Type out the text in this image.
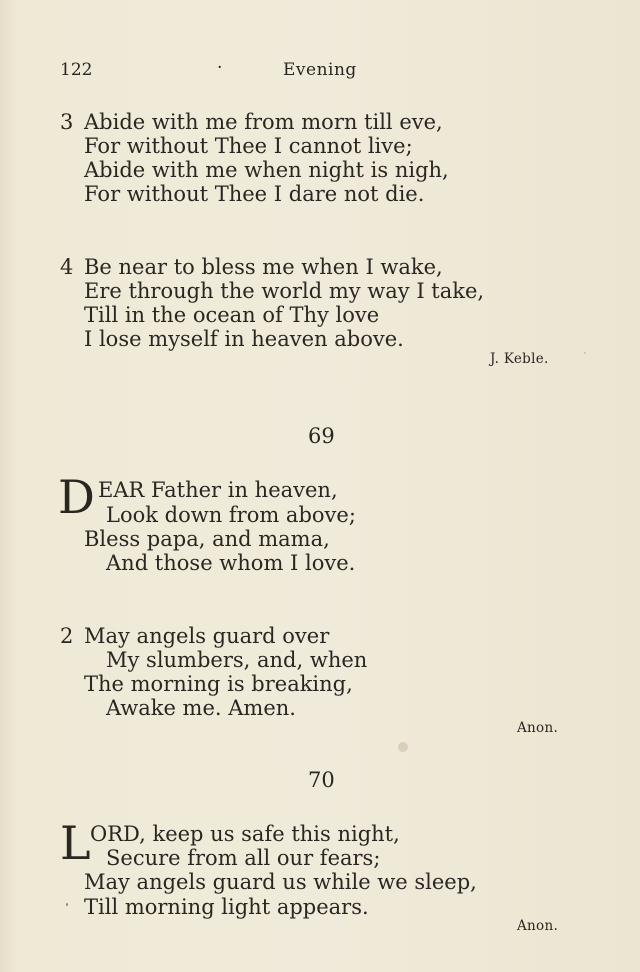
122	·	Evening
3 Abide with me from morn till eve,
For without Thee I cannot live;
Abide with me when night is nigh,
For without Thee I dare not die.
4 Be near to bless me when I wake,
Ere through the world my way I take,
Till in the ocean of Thy love
I lose myself in heaven above.
J. Keble.
69
D EAR Father in heaven,
Look down from above;
Bless papa, and mama,
And those whom I love.
2 May angels guard over
My slumbers, and, when
The morning is breaking,
Awake me. Amen.
Anon.
70
L ORD, keep us safe this night,
Secure from all our fears;
May angels guard us while we sleep,
Till morning light appears.
Anon.
